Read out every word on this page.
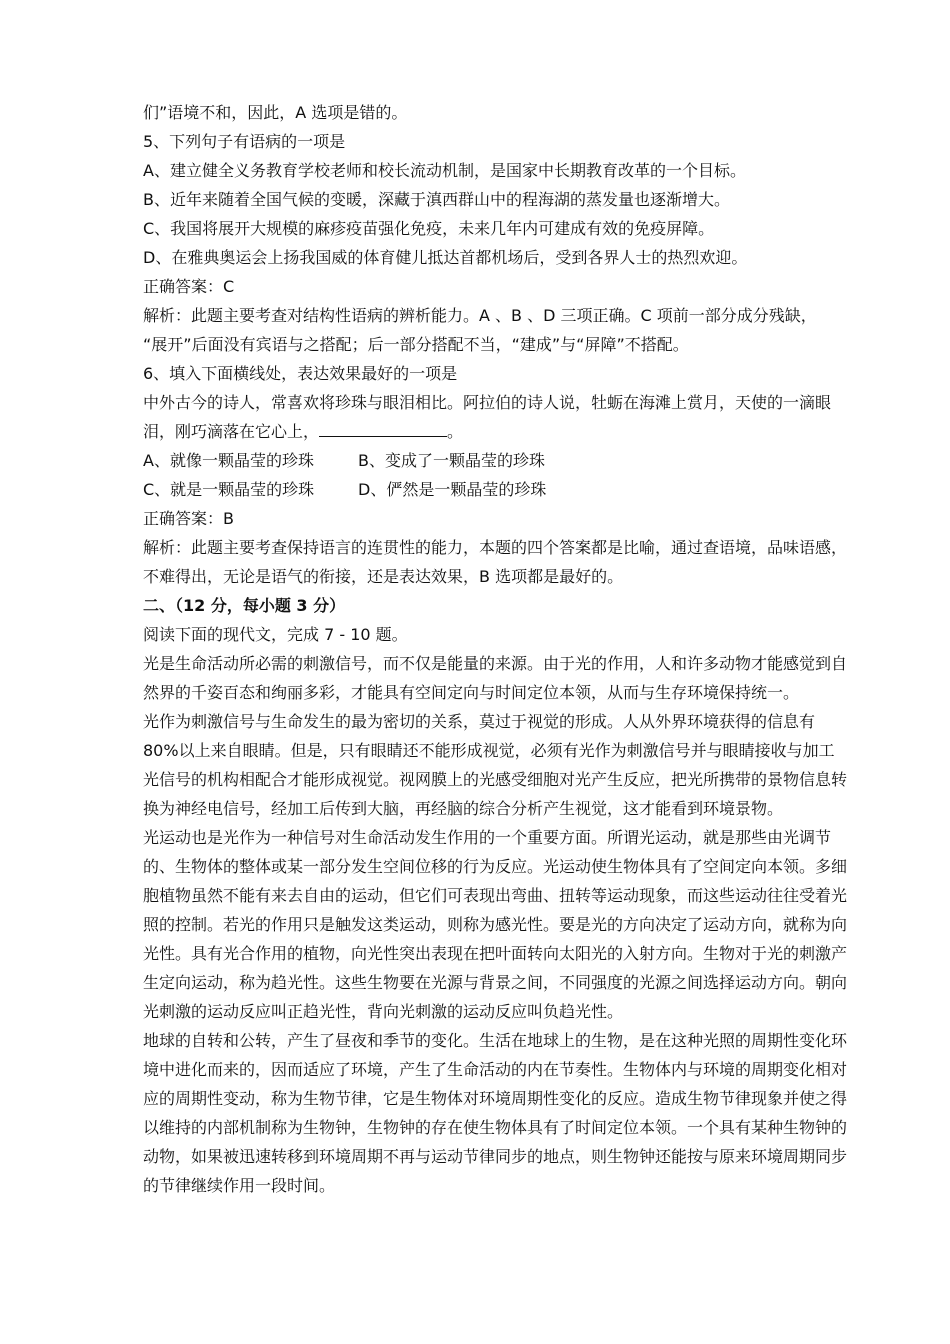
们”语境不和，因此，A 选项是错的。
5、下列句子有语病的一项是
A、建立健全义务教育学校老师和校长流动机制，是国家中长期教育改革的一个目标。
B、近年来随着全国气候的变暖，深藏于滇西群山中的程海湖的蒸发量也逐渐增大。
C、我国将展开大规模的麻疹疫苗强化免疫，未来几年内可建成有效的免疫屏障。
D、在雅典奥运会上扬我国威的体育健儿抵达首都机场后，受到各界人士的热烈欢迎。
正确答案：C
解析：此题主要考查对结构性语病的辨析能力。A 、B 、D 三项正确。C 项前一部分成分残缺，
“展开”后面没有宾语与之搭配；后一部分搭配不当，“建成”与“屏障”不搭配。
6、填入下面横线处，表达效果最好的一项是
中外古今的诗人，常喜欢将珍珠与眼泪相比。阿拉伯的诗人说，牡蛎在海滩上赏月，天使的一滴眼
泪，刚巧滴落在它心上，	。
A、就像一颗晶莹的珍珠	B、变成了一颗晶莹的珍珠
C、就是一颗晶莹的珍珠	D、俨然是一颗晶莹的珍珠
正确答案：B
解析：此题主要考查保持语言的连贯性的能力，本题的四个答案都是比喻，通过查语境，品味语感，
不难得出，无论是语气的衔接，还是表达效果，B 选项都是最好的。
二、（12 分，每小题 3 分）
阅读下面的现代文，完成 7 - 10 题。
光是生命活动所必需的刺激信号，而不仅是能量的来源。由于光的作用，人和许多动物才能感觉到自
然界的千姿百态和绚丽多彩，才能具有空间定向与时间定位本领，从而与生存环境保持统一。
光作为刺激信号与生命发生的最为密切的关系，莫过于视觉的形成。人从外界环境获得的信息有
80%以上来自眼睛。但是，只有眼睛还不能形成视觉，必须有光作为刺激信号并与眼睛接收与加工
光信号的机构相配合才能形成视觉。视网膜上的光感受细胞对光产生反应，把光所携带的景物信息转
换为神经电信号，经加工后传到大脑，再经脑的综合分析产生视觉，这才能看到环境景物。
光运动也是光作为一种信号对生命活动发生作用的一个重要方面。所谓光运动，就是那些由光调节
的、生物体的整体或某一部分发生空间位移的行为反应。光运动使生物体具有了空间定向本领。多细
胞植物虽然不能有来去自由的运动，但它们可表现出弯曲、扭转等运动现象，而这些运动往往受着光
照的控制。若光的作用只是触发这类运动，则称为感光性。要是光的方向决定了运动方向，就称为向
光性。具有光合作用的植物，向光性突出表现在把叶面转向太阳光的入射方向。生物对于光的刺激产
生定向运动，称为趋光性。这些生物要在光源与背景之间，不同强度的光源之间选择运动方向。朝向
光刺激的运动反应叫正趋光性，背向光刺激的运动反应叫负趋光性。
地球的自转和公转，产生了昼夜和季节的变化。生活在地球上的生物，是在这种光照的周期性变化环
境中进化而来的，因而适应了环境，产生了生命活动的内在节奏性。生物体内与环境的周期变化相对
应的周期性变动，称为生物节律，它是生物体对环境周期性变化的反应。造成生物节律现象并使之得
以维持的内部机制称为生物钟，生物钟的存在使生物体具有了时间定位本领。一个具有某种生物钟的
动物，如果被迅速转移到环境周期不再与运动节律同步的地点，则生物钟还能按与原来环境周期同步
的节律继续作用一段时间。
